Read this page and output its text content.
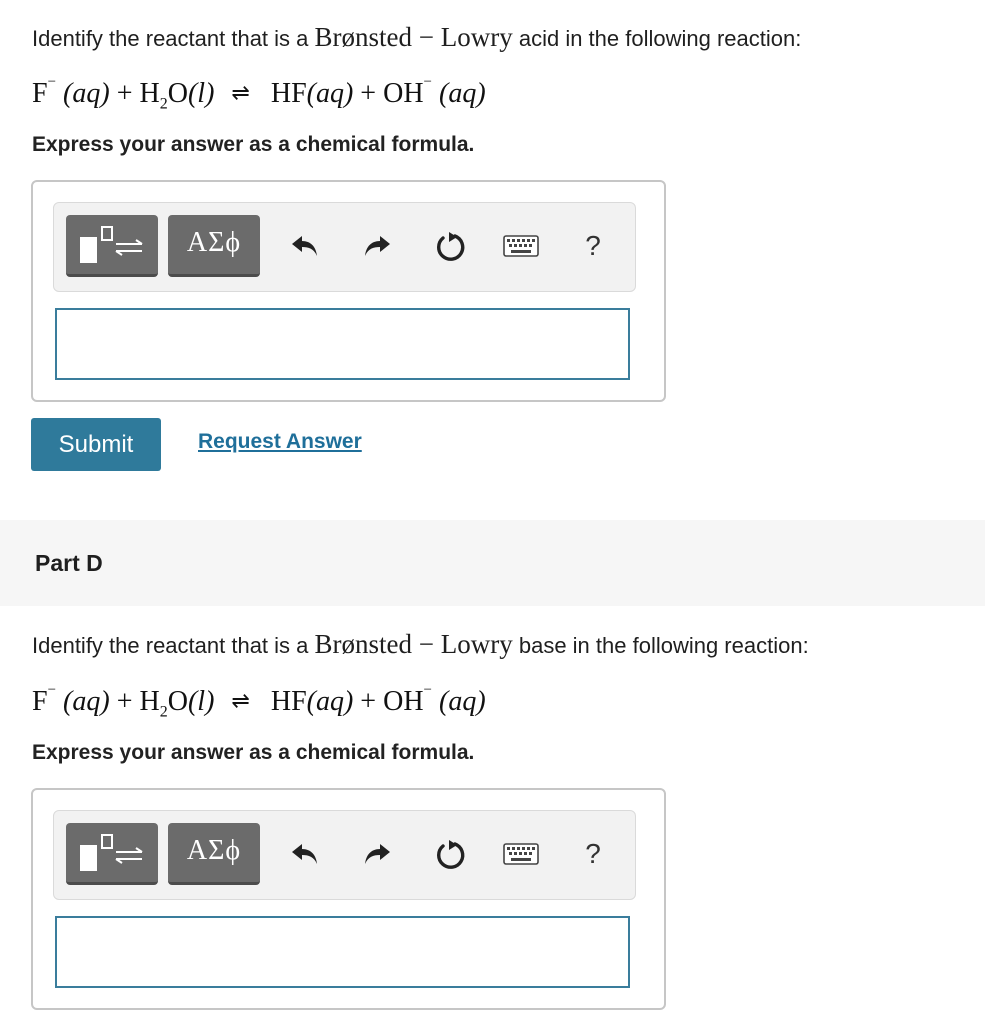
Identify the reactant that is a Brønsted − Lowry acid in the following reaction:
F− $(aq) + H_2O(l)$ ⇌ HF(aq) + OH− (aq)
Express your answer as a chemical formula.
ΑΣϕ	?
Submit	Request Answer
Part D
Identify the reactant that is a Brønsted − Lowry base in the following reaction:
F− $(aq) + H_2O(l)$ ⇌ HF(aq) + OH− (aq)
Express your answer as a chemical formula.
ΑΣϕ	?
